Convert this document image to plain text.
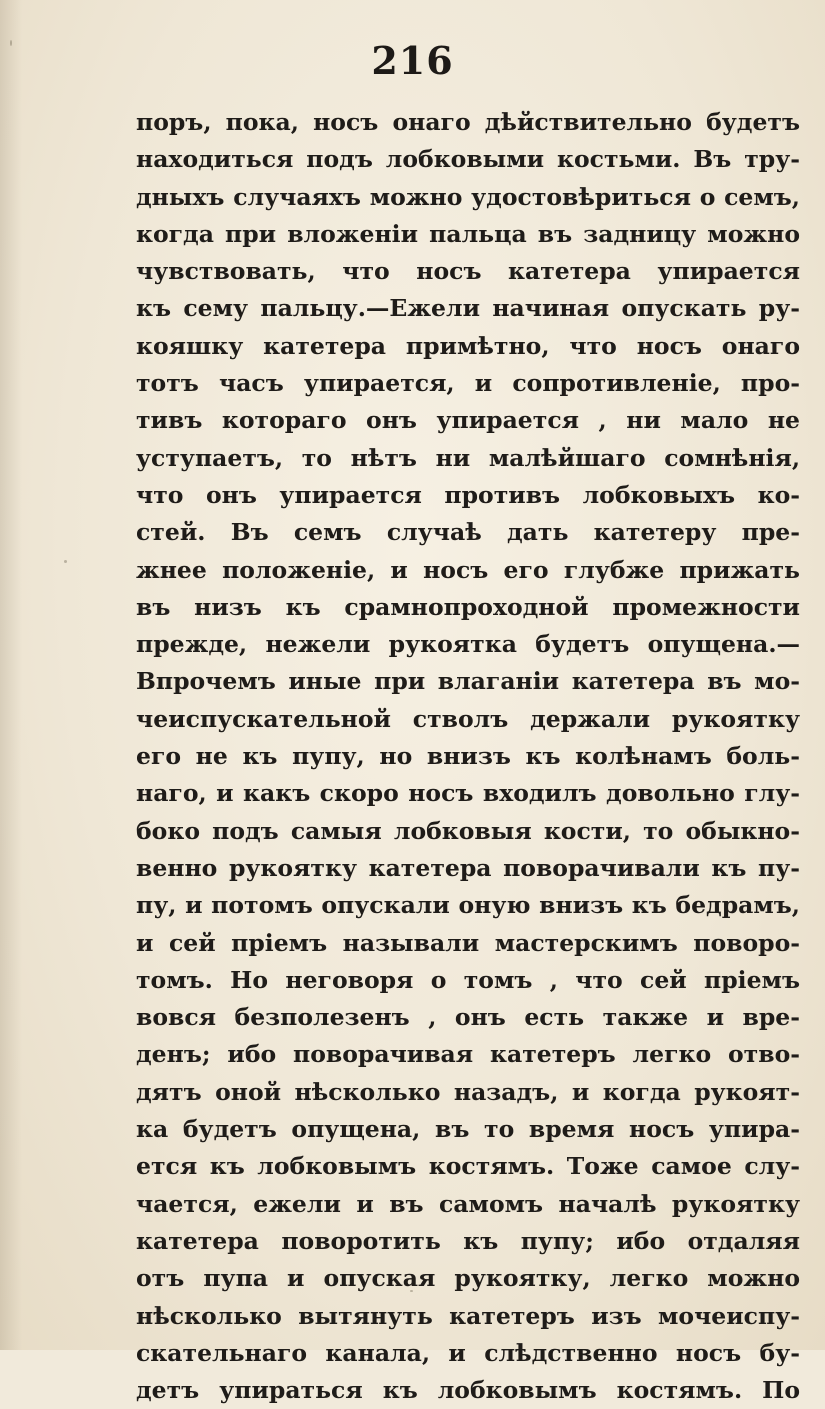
216
поръ, пока, носъ онаго дѣйствительно будетъ
находиться подъ лобковыми костьми. Въ тру-
дныхъ случаяхъ можно удостовѣриться о семъ,
когда при вложеніи пальца въ задницу можно
чувствовать, что носъ катетера упирается
къ сему пальцу.—Ежели начиная опускать ру-
кояшку катетера примѣтно, что носъ онаго
тотъ часъ упирается, и сопротивленіе, про-
тивъ котораго онъ упирается , ни мало не
уступаетъ, то нѣтъ ни малѣйшаго сомнѣнія,
что онъ упирается противъ лобковыхъ ко-
стей. Въ семъ случаѣ дать катетеру пре-
жнее положеніе, и носъ его глубже прижать
въ низъ къ срамнопроходной промежности
прежде, нежели рукоятка будетъ опущена.—
Впрочемъ иные при влаганіи катетера въ мо-
чеиспускательной стволъ держали рукоятку
его не къ пупу, но внизъ къ колѣнамъ боль-
наго, и какъ скоро носъ входилъ довольно глу-
боко подъ самыя лобковыя кости, то обыкно-
венно рукоятку катетера поворачивали къ пу-
пу, и потомъ опускали оную внизъ къ бедрамъ,
и сей пріемъ называли мастерскимъ поворо-
томъ. Но неговоря о томъ , что сей пріемъ
вовся безполезенъ , онъ есть также и вре-
денъ; ибо поворачивая катетеръ легко отво-
дятъ оной нѣсколько назадъ, и когда рукоят-
ка будетъ опущена, въ то время носъ упира-
ется къ лобковымъ костямъ. Тоже самое слу-
чается, ежели и въ самомъ началѣ рукоятку
катетера поворотить къ пупу; ибо отдаляя
отъ пупа и опуская рукоятку, легко можно
нѣсколько вытянуть катетеръ изъ мочеиспу-
скательнаго канала, и слѣдственно носъ бу-
детъ упираться къ лобковымъ костямъ. По
